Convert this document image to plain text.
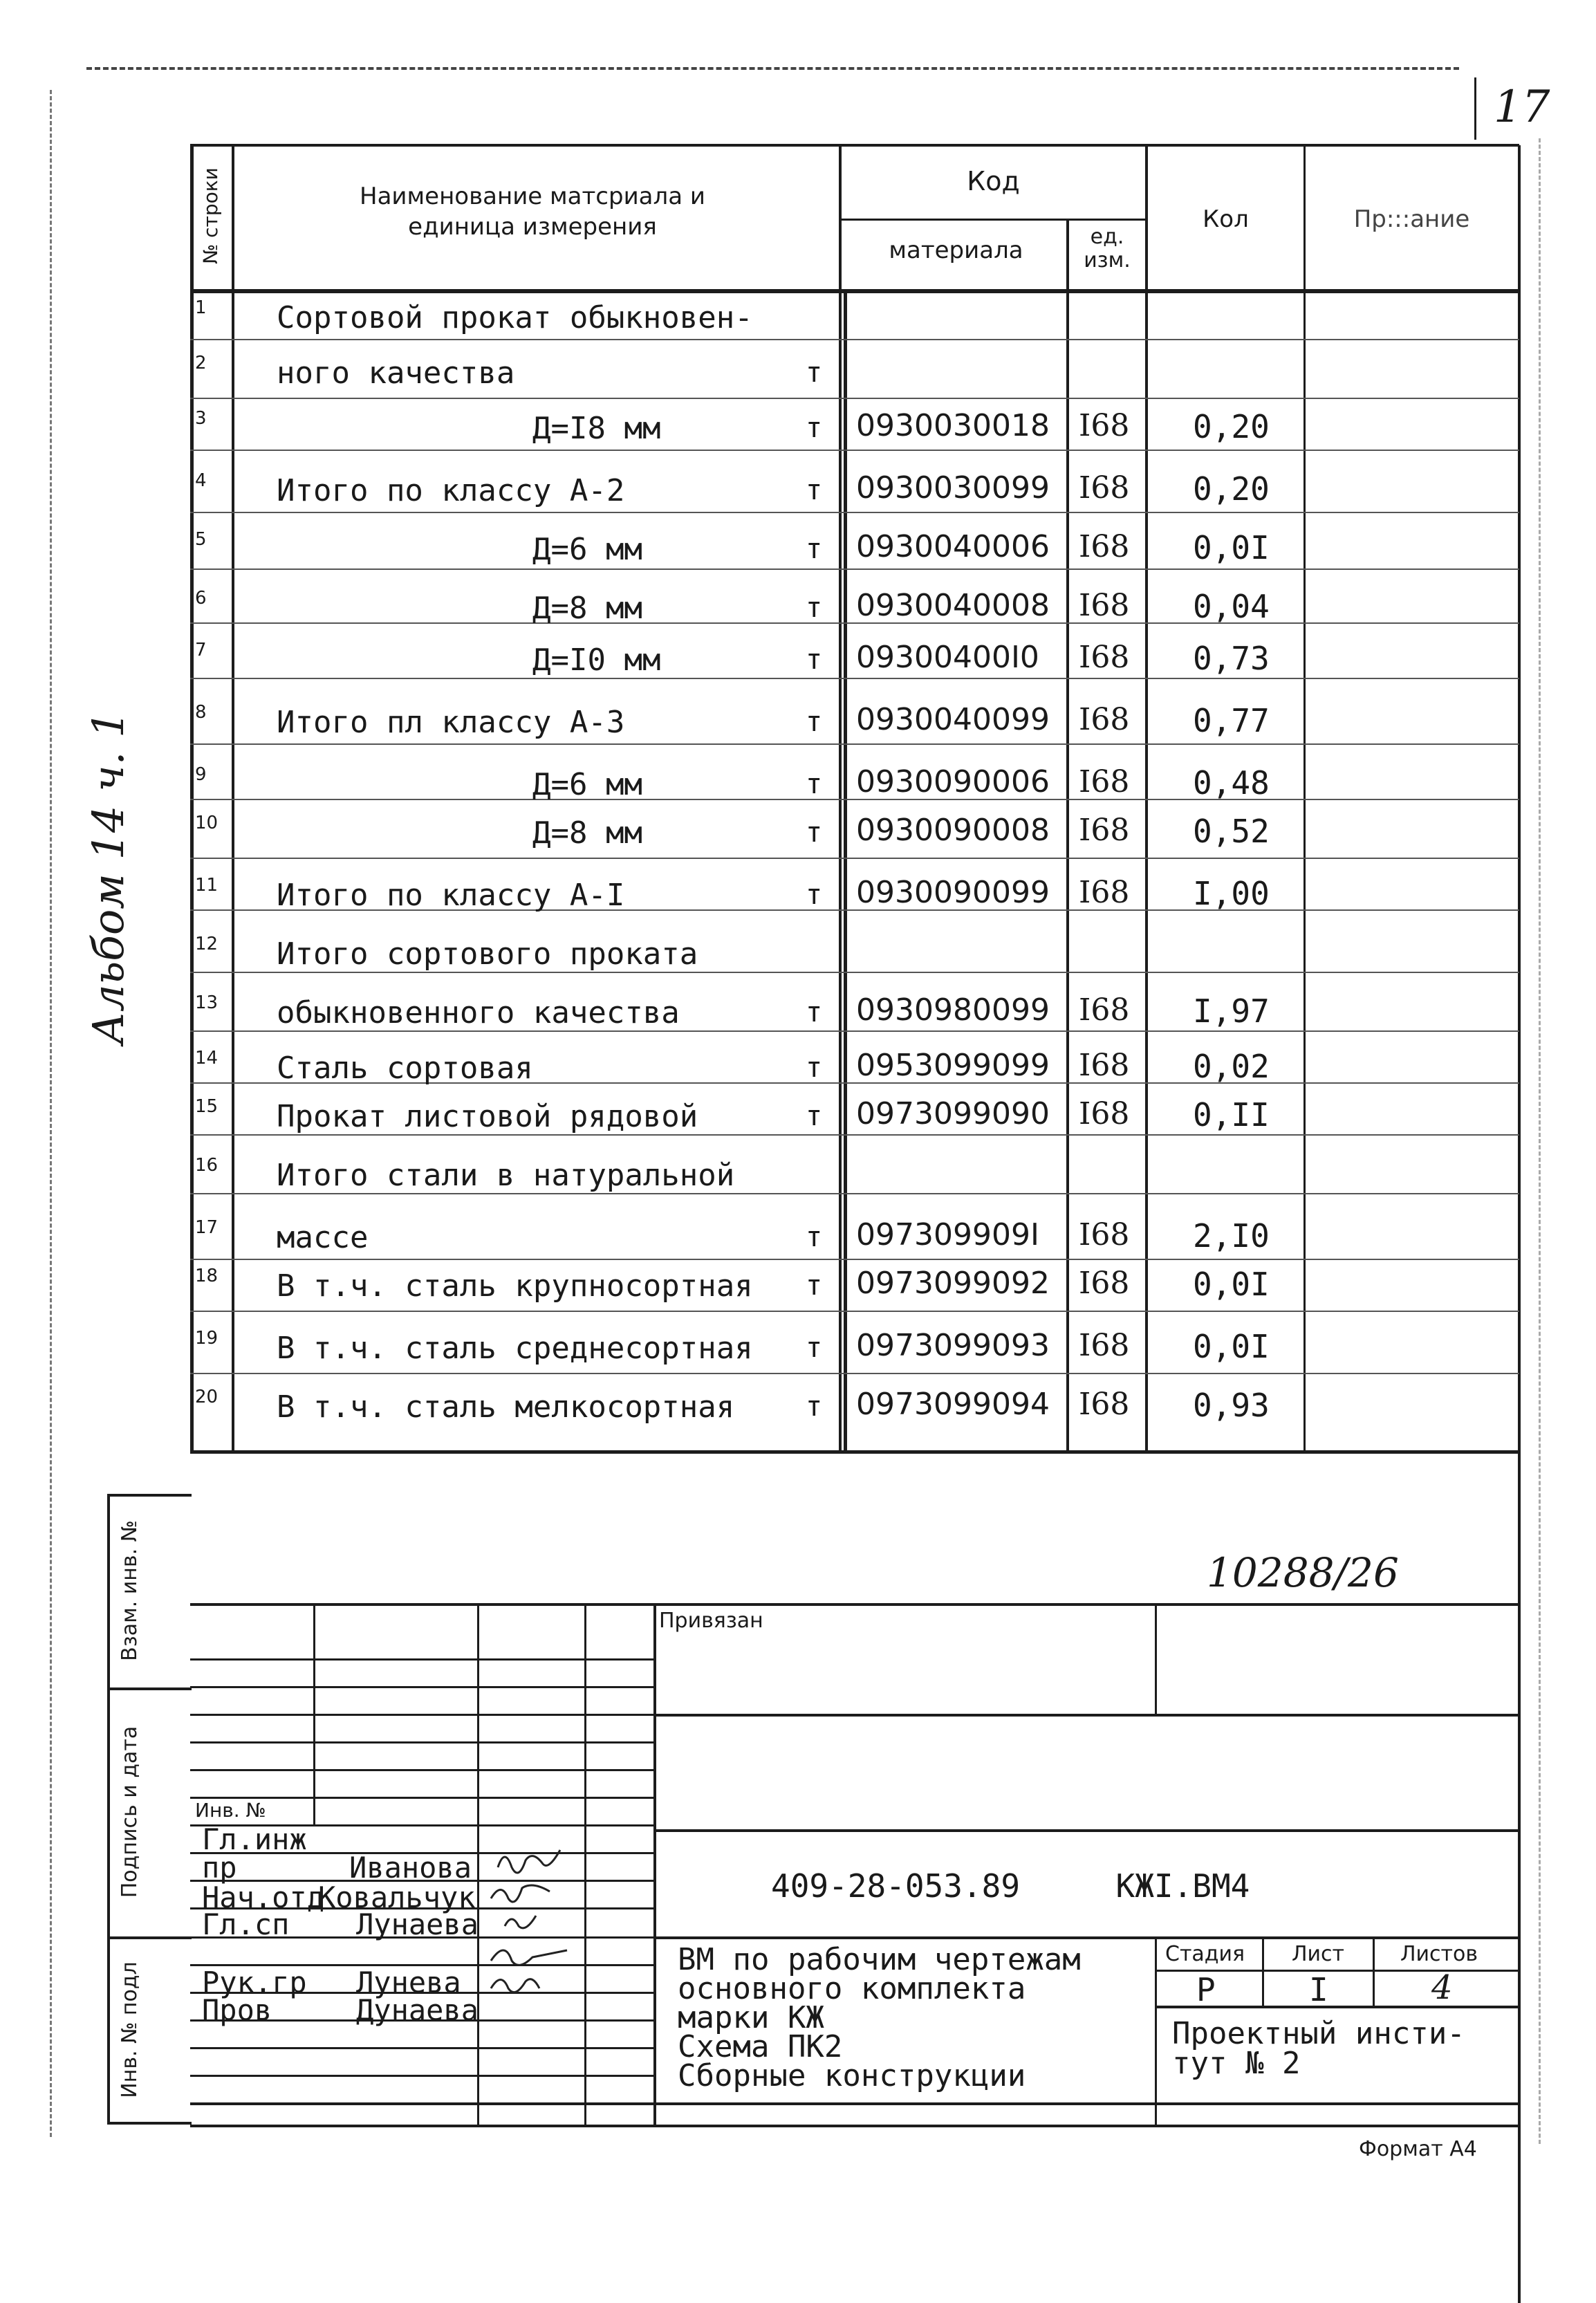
17
Альбом 14 ч. 1
№ строки	Наименование матсриала и единица измерения
Код
материала	ед. изм.
Кол	Пр:::ание
1 Сортовой прокат обыкновен-
2 ного качества	т
3	Д=I8 мм	т 0930030018 I68 0,20
4 Итого по классу А-2	т 0930030099 I68 0,20
5	Д=6 мм	т 0930040006 I68 0,0I
6	Д=8 мм	т 0930040008 I68 0,04
7	Д=I0 мм	т 09300400I0 I68 0,73
8 Итого пл классу А-3	т 0930040099 I68 0,77
9	Д=6 мм	т 0930090006 I68 0,48
10	Д=8 мм	т 0930090008 I68 0,52
11 Итого по классу А-I	т 0930090099 I68 I,00
12 Итого сортового проката
13 обыкновенного качества	т 0930980099 I68 I,97
14 Сталь сортовая	т 0953099099 I68 0,02
15 Прокат листовой рядовой	т 0973099090 I68 0,II
16 Итого стали в натуральной
17 массе	т 097309909I I68 2,I0
18 В т.ч. сталь крупносортная т 0973099092 I68 0,0I
19 В т.ч. сталь среднесортная т 0973099093 I68 0,0I
20 В т.ч. сталь мелкосортная	т 0973099094 I68 0,93
Взам. инв. №
Подпись и дата
Инв. № подл
10288/26
Привязан
Инв. №
Гл.инж
пр	Иванова
Нач.отд
Ковальчук
Гл.сп Лунаева
Рук.гр Лунева
Пров	Дунаева
409-28-053.89     КЖI.ВМ4
ВМ по рабочим чертежам
основного комплекта
марки КЖ
Схема ПК2
Сборные конструкции
Стадия Лист	Листов
Р	I	4
Проектный инсти-
тут № 2
Формат А4
